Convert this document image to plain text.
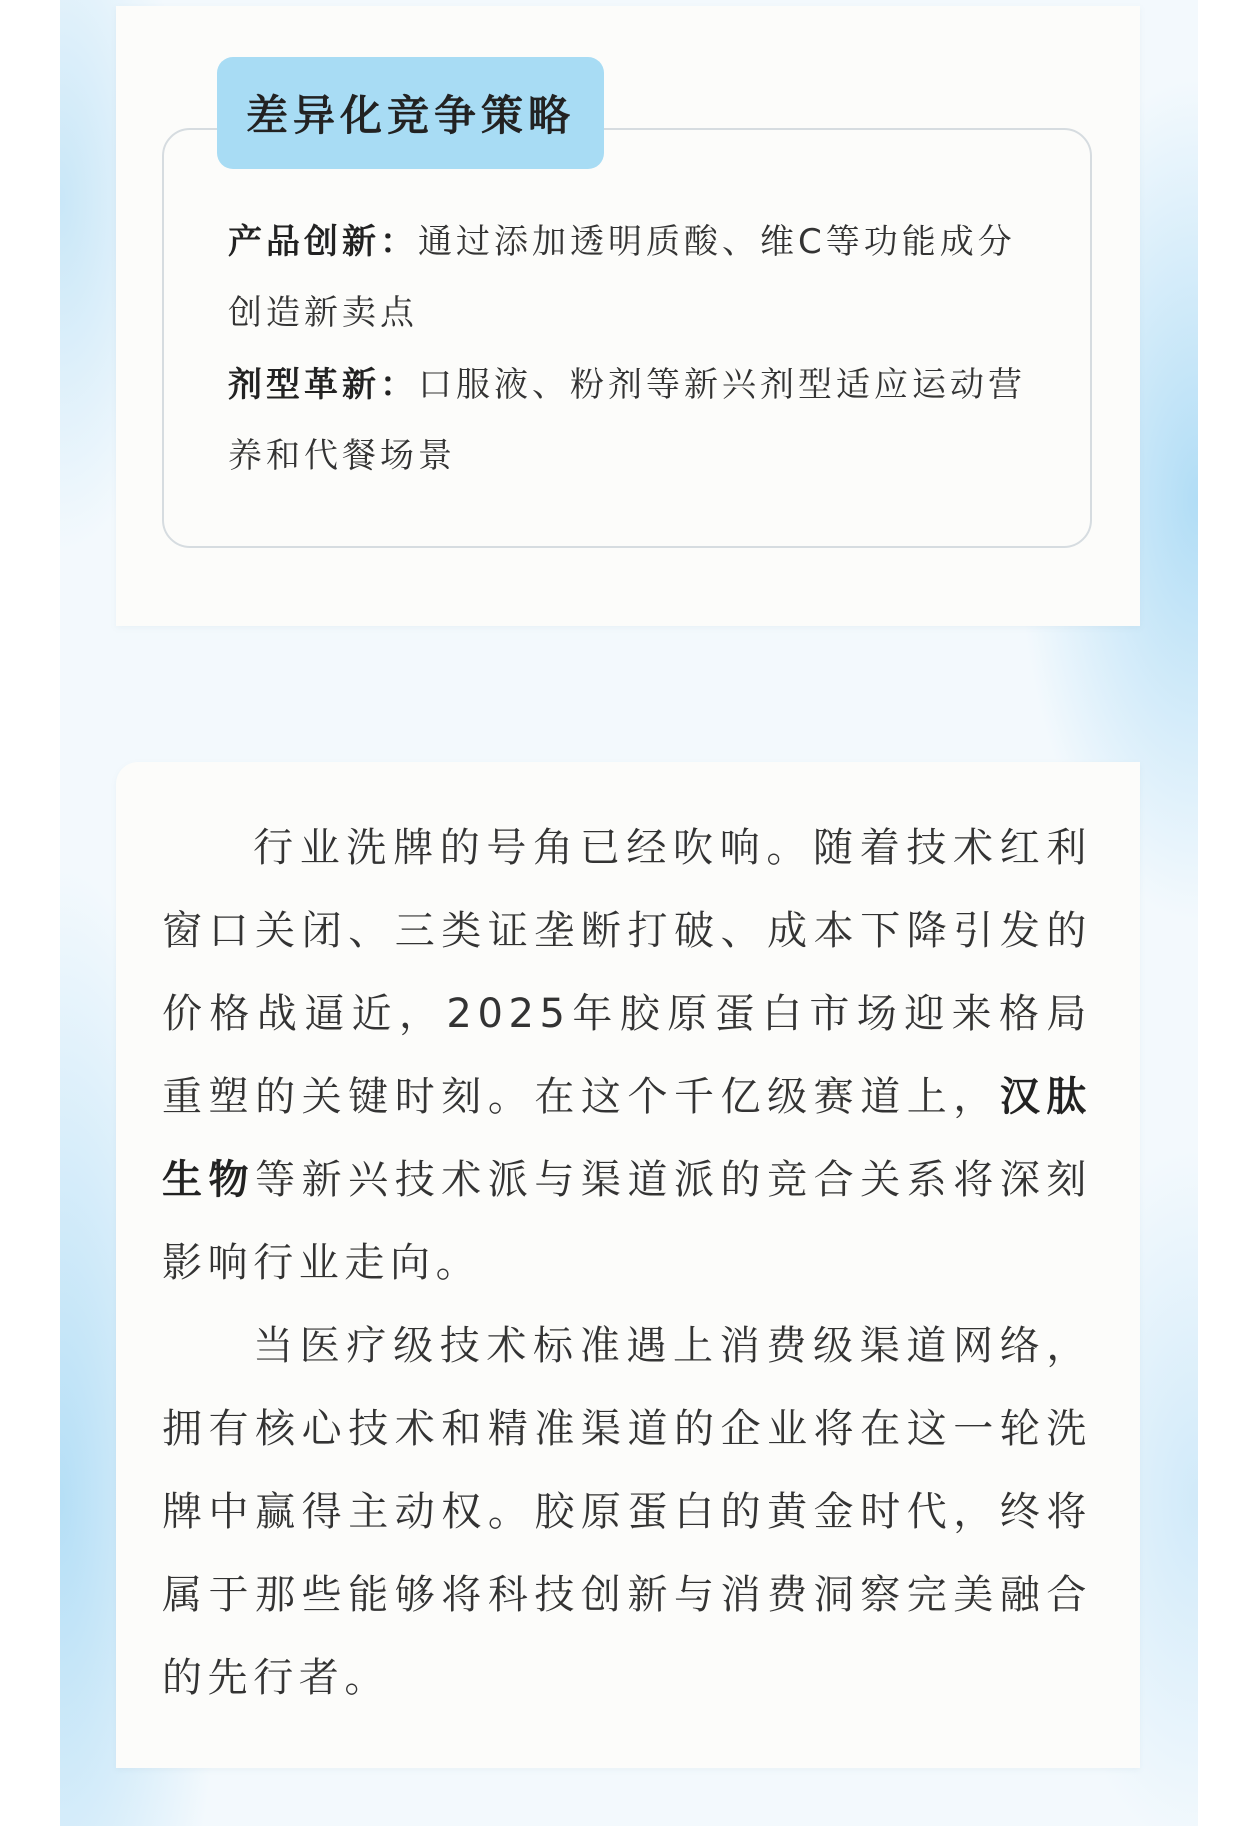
差异化竞争策略
产品创新：通过添加透明质酸、维C等功能成分创造新卖点
剂型革新：口服液、粉剂等新兴剂型适应运动营养和代餐场景
行业洗牌的号角已经吹响。随着技术红利窗口关闭、三类证垄断打破、成本下降引发的价格战逼近，2025年胶原蛋白市场迎来格局重塑的关键时刻。在这个千亿级赛道上，汉肽生物等新兴技术派与渠道派的竞合关系将深刻影响行业走向。
当医疗级技术标准遇上消费级渠道网络，拥有核心技术和精准渠道的企业将在这一轮洗牌中赢得主动权。胶原蛋白的黄金时代，终将属于那些能够将科技创新与消费洞察完美融合的先行者。
